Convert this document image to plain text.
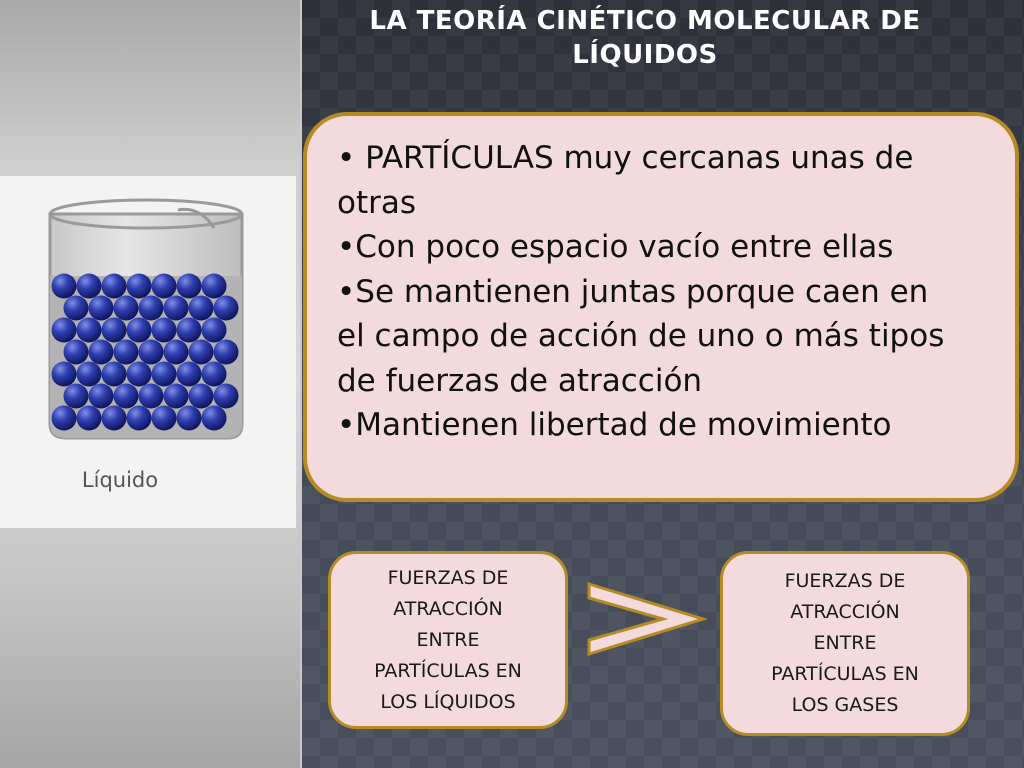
LA TEORÍA CINÉTICO MOLECULAR DE
LÍQUIDOS
Líquido
• PARTÍCULAS muy cercanas unas de
otras
•Con poco espacio vacío entre ellas
•Se mantienen juntas porque caen en
el campo de acción de uno o más tipos
de fuerzas de atracción
•Mantienen libertad de movimiento
FUERZAS DE
ATRACCIÓN
ENTRE
PARTÍCULAS EN
LOS LÍQUIDOS
FUERZAS DE
ATRACCIÓN
ENTRE
PARTÍCULAS EN
LOS GASES
